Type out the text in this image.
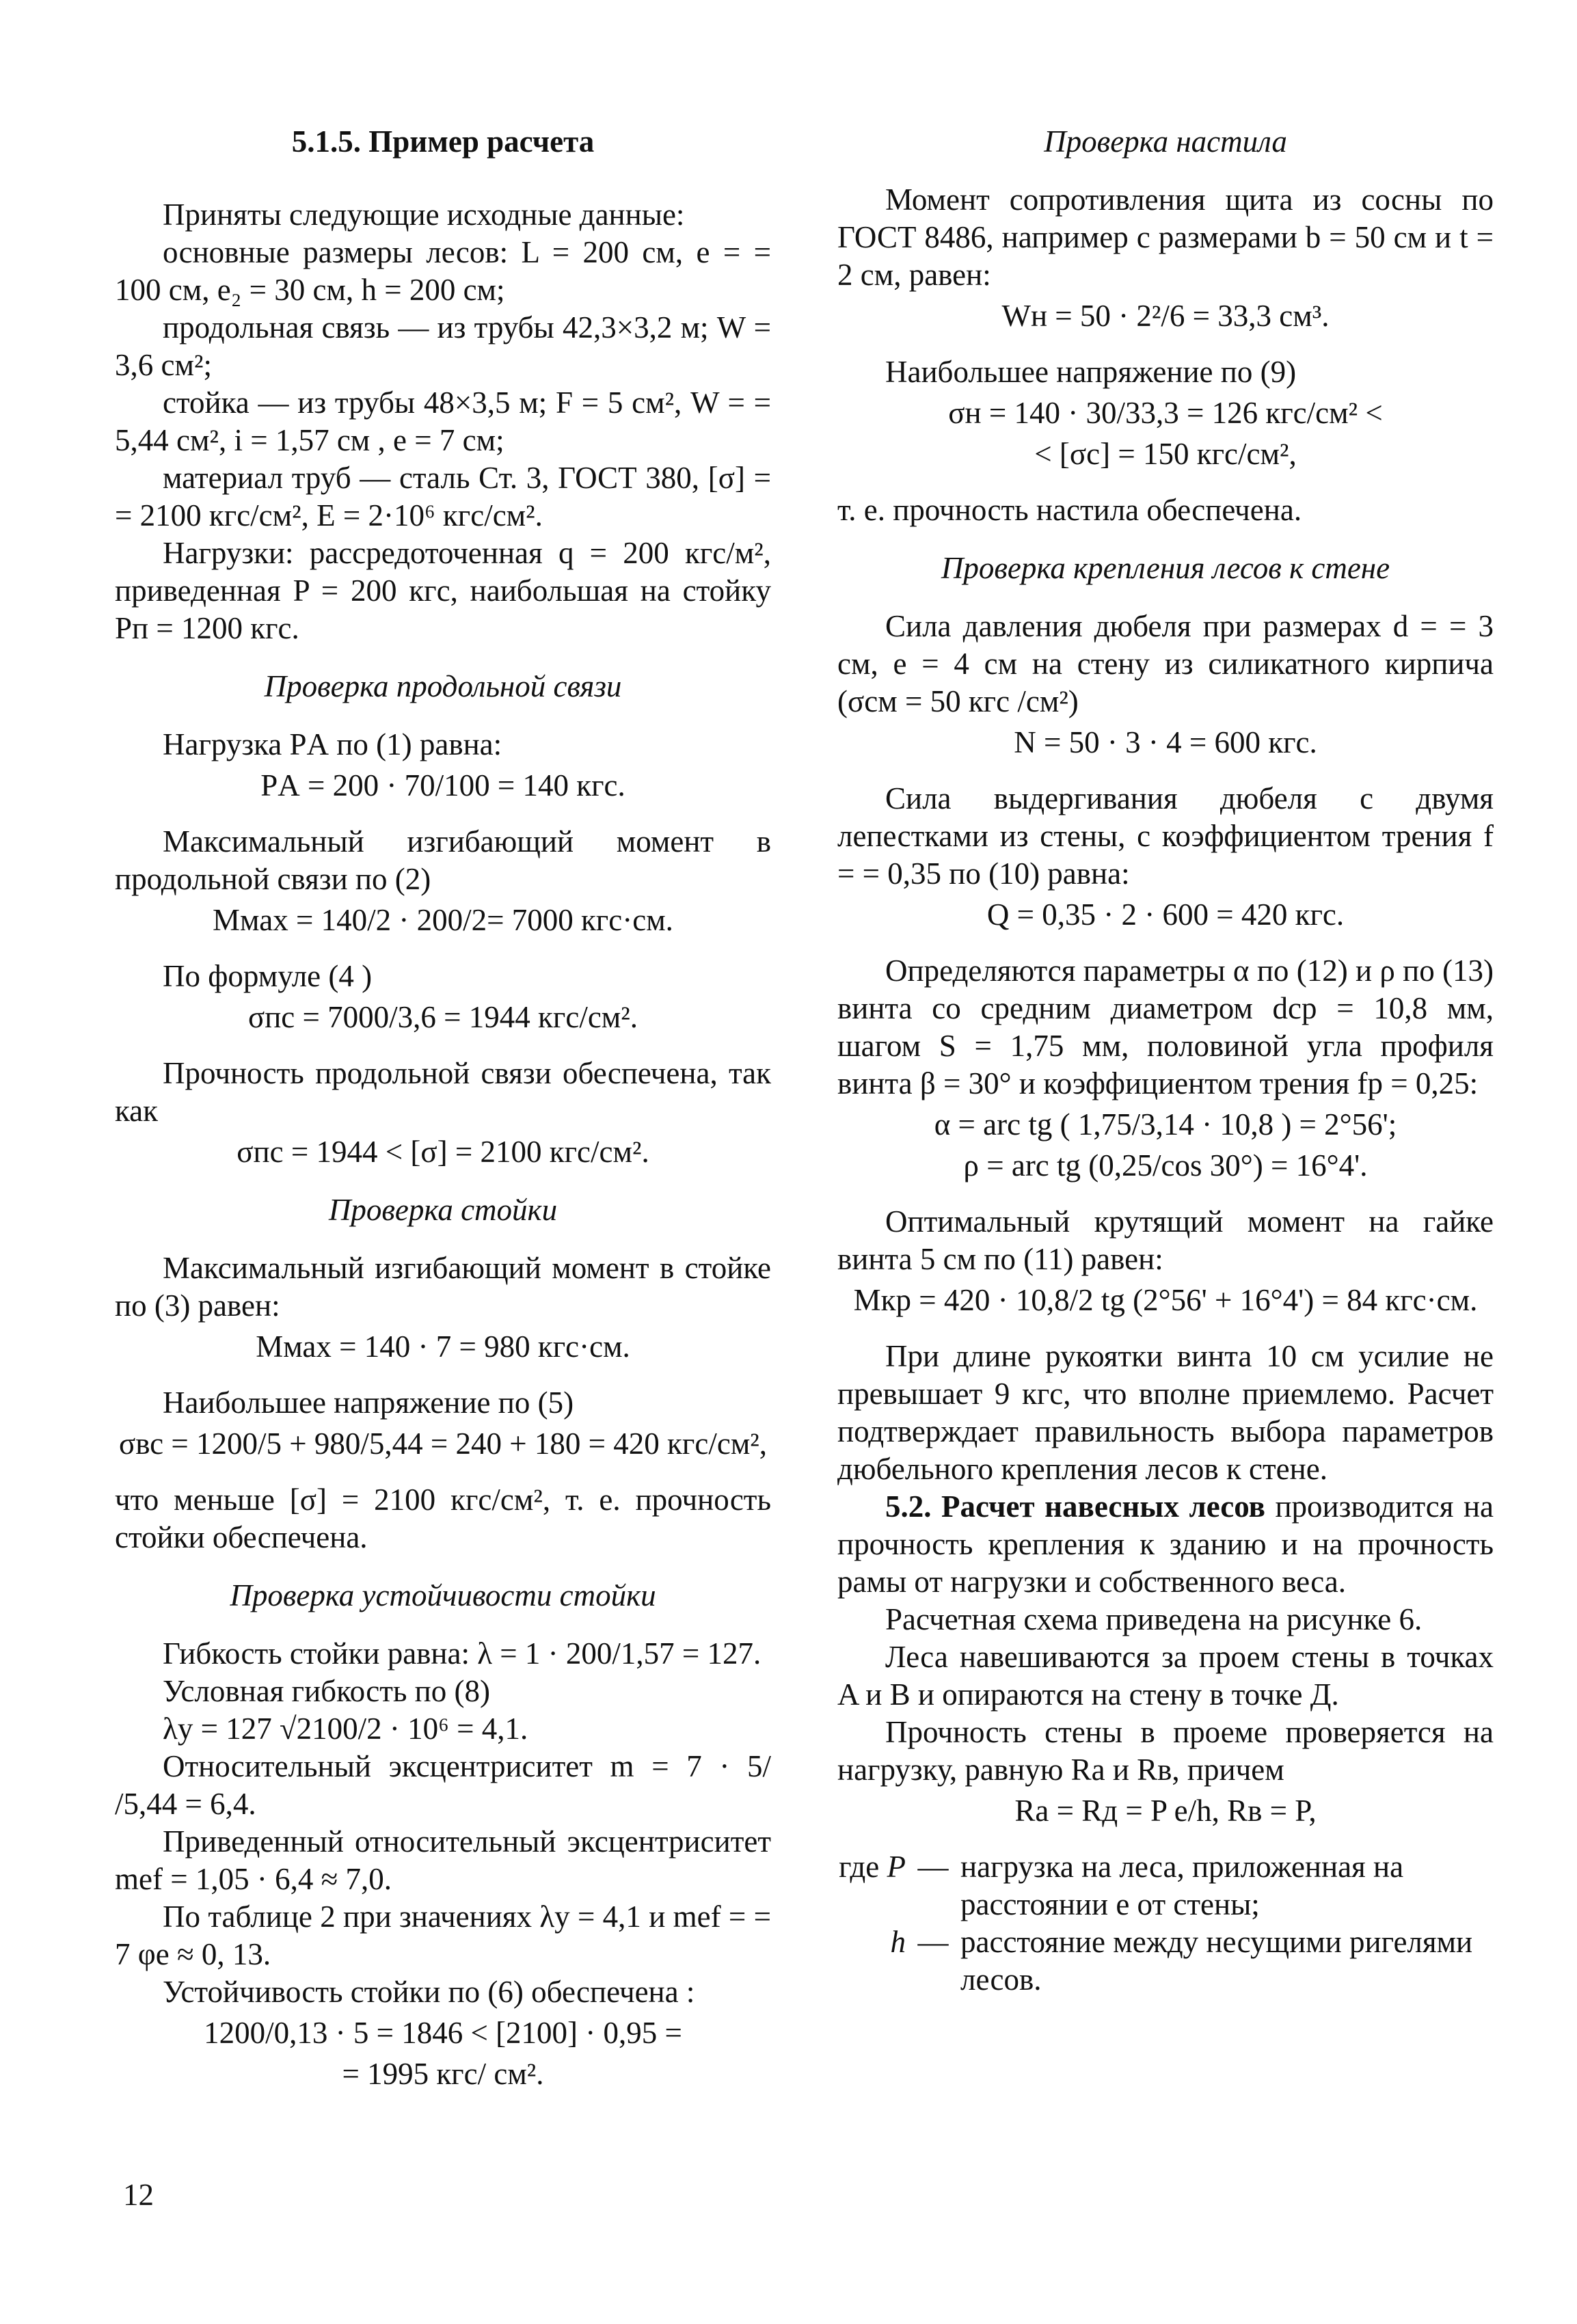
5.1.5. Пример расчета

Приняты следующие исходные данные:

основные размеры лесов: L = 200 см, e = = 100 см, e₂ = 30 см, h = 200 см;

продольная связь — из трубы 42,3×3,2 м; W = 3,6 см²;

стойка — из трубы 48×3,5 м; F = 5 см², W = = 5,44 см², i = 1,57 см , e = 7 см;

материал труб — сталь Ст. 3, ГОСТ 380, [σ] = = 2100 кгс/см², E = 2·10⁶ кгс/см².

Нагрузки: рассредоточенная q = 200 кгс/м², приведенная P = 200 кгс, наибольшая на стойку Pп = 1200 кгс.

Проверка продольной связи

Нагрузка PА по (1) равна:

PА = 200 · 70/100 = 140 кгс.

Максимальный изгибающий момент в продольной связи по (2)

Mмах = 140/2 · 200/2= 7000 кгс·см.

По формуле (4 )

σпс = 7000/3,6 = 1944 кгс/см².

Прочность продольной связи обеспечена, так как

σпс = 1944 < [σ] = 2100 кгс/см².

Проверка стойки

Максимальный изгибающий момент в стойке по (3) равен:

Mмах = 140 · 7 = 980 кгс·см.

Наибольшее напряжение по (5)

σвс = 1200/5 + 980/5,44 = 240 + 180 = 420 кгс/см²,

что меньше [σ] = 2100 кгс/см², т. е. прочность стойки обеспечена.

Проверка устойчивости стойки

Гибкость стойки равна: λ = 1 · 200/1,57 = 127.

Условная гибкость по (8)

λу = 127 √2100/2 · 10⁶ = 4,1.

Относительный эксцентриситет m = 7 · 5/ /5,44 = 6,4.

Приведенный относительный эксцентриситет mef = 1,05 · 6,4 ≈ 7,0.

По таблице 2 при значениях λу = 4,1 и mef = = 7 φe ≈ 0, 13.

Устойчивость стойки по (6) обеспечена :

1200/0,13 · 5 = 1846 < [2100] · 0,95 =

= 1995 кгс/ см².

Проверка настила

Момент сопротивления щита из сосны по ГОСТ 8486, например с размерами b = 50 см и t = 2 см, равен:

Wн = 50 · 2²/6 = 33,3 см³.

Наибольшее напряжение по (9)

σн = 140 · 30/33,3 = 126 кгс/см² <

< [σc] = 150 кгс/см²,

т. е. прочность настила обеспечена.

Проверка крепления лесов к стене

Сила давления дюбеля при размерах d = = 3 см, e = 4 см на стену из силикатного кирпича (σсм = 50 кгс /см²)

N = 50 · 3 · 4 = 600 кгс.

Сила выдергивания дюбеля с двумя лепестками из стены, с коэффициентом трения f = = 0,35 по (10) равна:

Q = 0,35 · 2 · 600 = 420 кгс.

Определяются параметры α по (12) и ρ по (13) винта со средним диаметром dср = 10,8 мм, шагом S = 1,75 мм, половиной угла профиля винта β = 30° и коэффициентом трения fр = 0,25:

α = arc tg ( 1,75/3,14 · 10,8 ) = 2°56';

ρ = arc tg (0,25/cos 30°) = 16°4'.

Оптимальный крутящий момент на гайке винта 5 см по (11) равен:

Mкр = 420 · 10,8/2 tg (2°56' + 16°4') = 84 кгс·см.

При длине рукоятки винта 10 см усилие не превышает 9 кгс, что вполне приемлемо. Расчет подтверждает правильность выбора параметров дюбельного крепления лесов к стене.

5.2. Расчет навесных лесов производится на прочность крепления к зданию и на прочность рамы от нагрузки и собственного веса.

Расчетная схема приведена на рисунке 6.

Леса навешиваются за проем стены в точках A и B и опираются на стену в точке Д.

Прочность стены в проеме проверяется на нагрузку, равную Rа и Rв, причем

Rа = Rд = P e/h, Rв = P,

где P — нагрузка на леса, приложенная на расстоянии e от стены;
h — расстояние между несущими ригелями лесов.
12
